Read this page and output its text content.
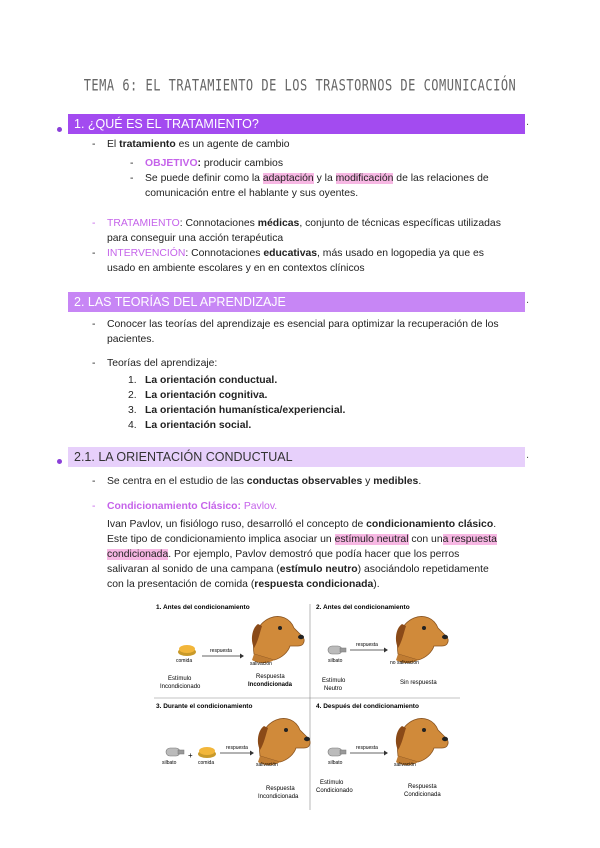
TEMA 6: EL TRATAMIENTO DE LOS TRASTORNOS DE COMUNICACIÓN
1. ¿QUÉ ES EL TRATAMIENTO?	.
- El tratamiento es un agente de cambio
- OBJETIVO: producir cambios
- Se puede definir como la adaptación y la modificación de las relaciones de
comunicación entre el hablante y sus oyentes.
- TRATAMIENTO: Connotaciones médicas, conjunto de técnicas específicas utilizadas
para conseguir una acción terapéutica
- INTERVENCIÓN: Connotaciones educativas, más usado en logopedia ya que es
usado en ambiente escolares y en en contextos clínicos
2. LAS TEORÍAS DEL APRENDIZAJE	.
- Conocer las teorías del aprendizaje es esencial para optimizar la recuperación de los
pacientes.
- Teorías del aprendizaje:
1. La orientación conductual.
2. La orientación cognitiva.
3. La orientación humanística/experiencial.
4. La orientación social.
2.1. LA ORIENTACIÓN CONDUCTUAL	.
- Se centra en el estudio de las conductas observables y medibles.
- Condicionamiento Clásico: Pavlov.
Ivan Pavlov, un fisiólogo ruso, desarrolló el concepto de condicionamiento clásico.
Este tipo de condicionamiento implica asociar un estímulo neutral con una respuesta
condicionada. Por ejemplo, Pavlov demostró que podía hacer que los perros
salivaran al sonido de una campana (estímulo neutro) asociándolo repetidamente
con la presentación de comida (respuesta condicionada).
1. Antes del condicionamiento	2. Antes del condicionamiento
3. Durante el condicionamiento	4. Después del condicionamiento
comida
respuesta
salivación
Estímulo
Incondicionado
Respuesta
Incondicionada
silbato
respuesta
no salivación
Estímulo
Neutro
Sin respuesta
+
silbato	comida
respuesta
salivación
Respuesta
Incondicionada
silbato
respuesta
salivación
Estímulo
Condicionado
Respuesta
Condicionada
